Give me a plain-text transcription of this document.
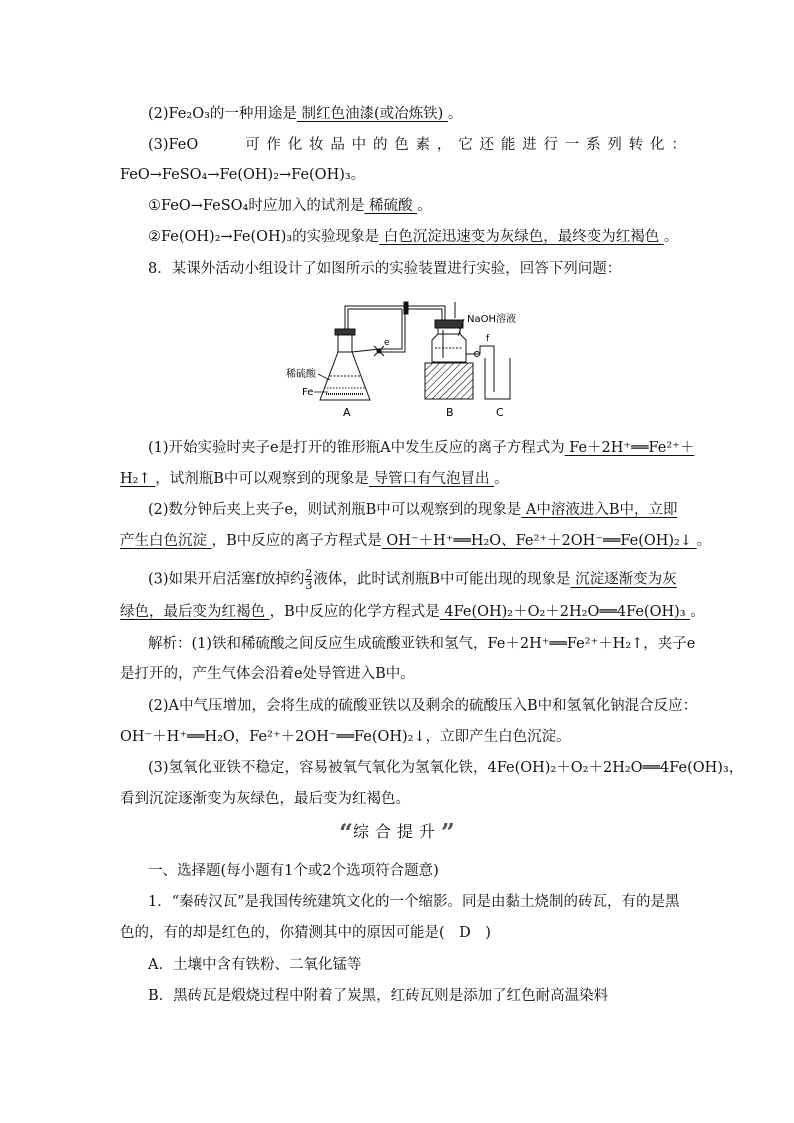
(2)Fe₂O₃的一种用途是 制红色油漆(或冶炼铁) 。
(3)FeO	可 作 化 妆 品 中 的 色 素 ， 它 还 能 进 行 一 系 列 转 化 ：
FeO→FeSO₄→Fe(OH)₂→Fe(OH)₃。
①FeO→FeSO₄时应加入的试剂是 稀硫酸 。
②Fe(OH)₂→Fe(OH)₃的实验现象是 白色沉淀迅速变为灰绿色，最终变为红褐色 。
8．某课外活动小组设计了如图所示的实验装置进行实验，回答下列问题：
NaOH溶液
稀硫酸
Fe
e	f
A	B	C
(1)开始实验时夹子e是打开的锥形瓶A中发生反应的离子方程式为 Fe＋2H⁺══Fe²⁺＋
H₂↑ ，试剂瓶B中可以观察到的现象是 导管口有气泡冒出 。
(2)数分钟后夹上夹子e，则试剂瓶B中可以观察到的现象是 A中溶液进入B中，立即
产生白色沉淀 ，B中反应的离子方程式是 OH⁻＋H⁺══H₂O、Fe²⁺＋2OH⁻══Fe(OH)₂↓ 。
(3)如果开启活塞f放掉约 $\frac{2}{3}$ 液体，此时试剂瓶B中可能出现的现象是 沉淀逐渐变为灰
绿色，最后变为红褐色 ，B中反应的化学方程式是 4Fe(OH)₂＋O₂＋2H₂O══4Fe(OH)₃ 。
解析：(1)铁和稀硫酸之间反应生成硫酸亚铁和氢气，Fe＋2H⁺══Fe²⁺＋H₂↑，夹子e
是打开的，产生气体会沿着e处导管进入B中。
(2)A中气压增加，会将生成的硫酸亚铁以及剩余的硫酸压入B中和氢氧化钠混合反应：
OH⁻＋H⁺══H₂O，Fe²⁺＋2OH⁻══Fe(OH)₂↓，立即产生白色沉淀。
(3)氢氧化亚铁不稳定，容易被氧气氧化为氢氧化铁，4Fe(OH)₂＋O₂＋2H₂O══4Fe(OH)₃，
看到沉淀逐渐变为灰绿色，最后变为红褐色。
“综合提升”
一、选择题(每小题有1个或2个选项符合题意)
1．“秦砖汉瓦”是我国传统建筑文化的一个缩影。同是由黏土烧制的砖瓦，有的是黑
色的，有的却是红色的，你猜测其中的原因可能是(　D　)
A．土壤中含有铁粉、二氧化锰等
B．黑砖瓦是煅烧过程中附着了炭黑，红砖瓦则是添加了红色耐高温染料
